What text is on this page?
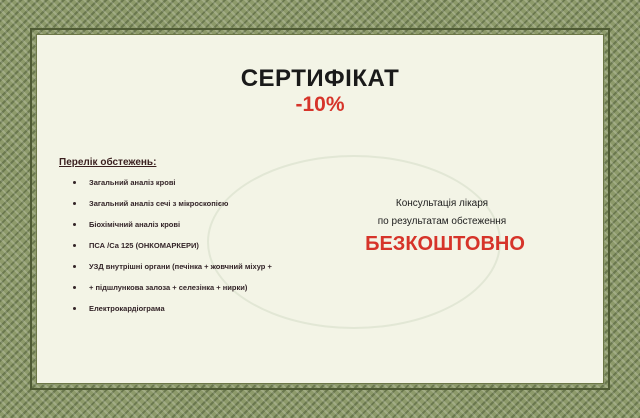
СЕРТИФІКАТ
-10%
Перелік обстежень:
Загальний аналіз крові
Загальний аналіз сечі з мікроскопією
Біохімічний аналіз крові
ПСА /Са 125 (ОНКОМАРКЕРИ)
УЗД внутрішні органи (печінка + жовчний міхур +
+ підшлункова залоза + селезінка + нирки)
Електрокардіограма
Консультація лікаря
по результатам обстеження
БЕЗКОШТОВНО
